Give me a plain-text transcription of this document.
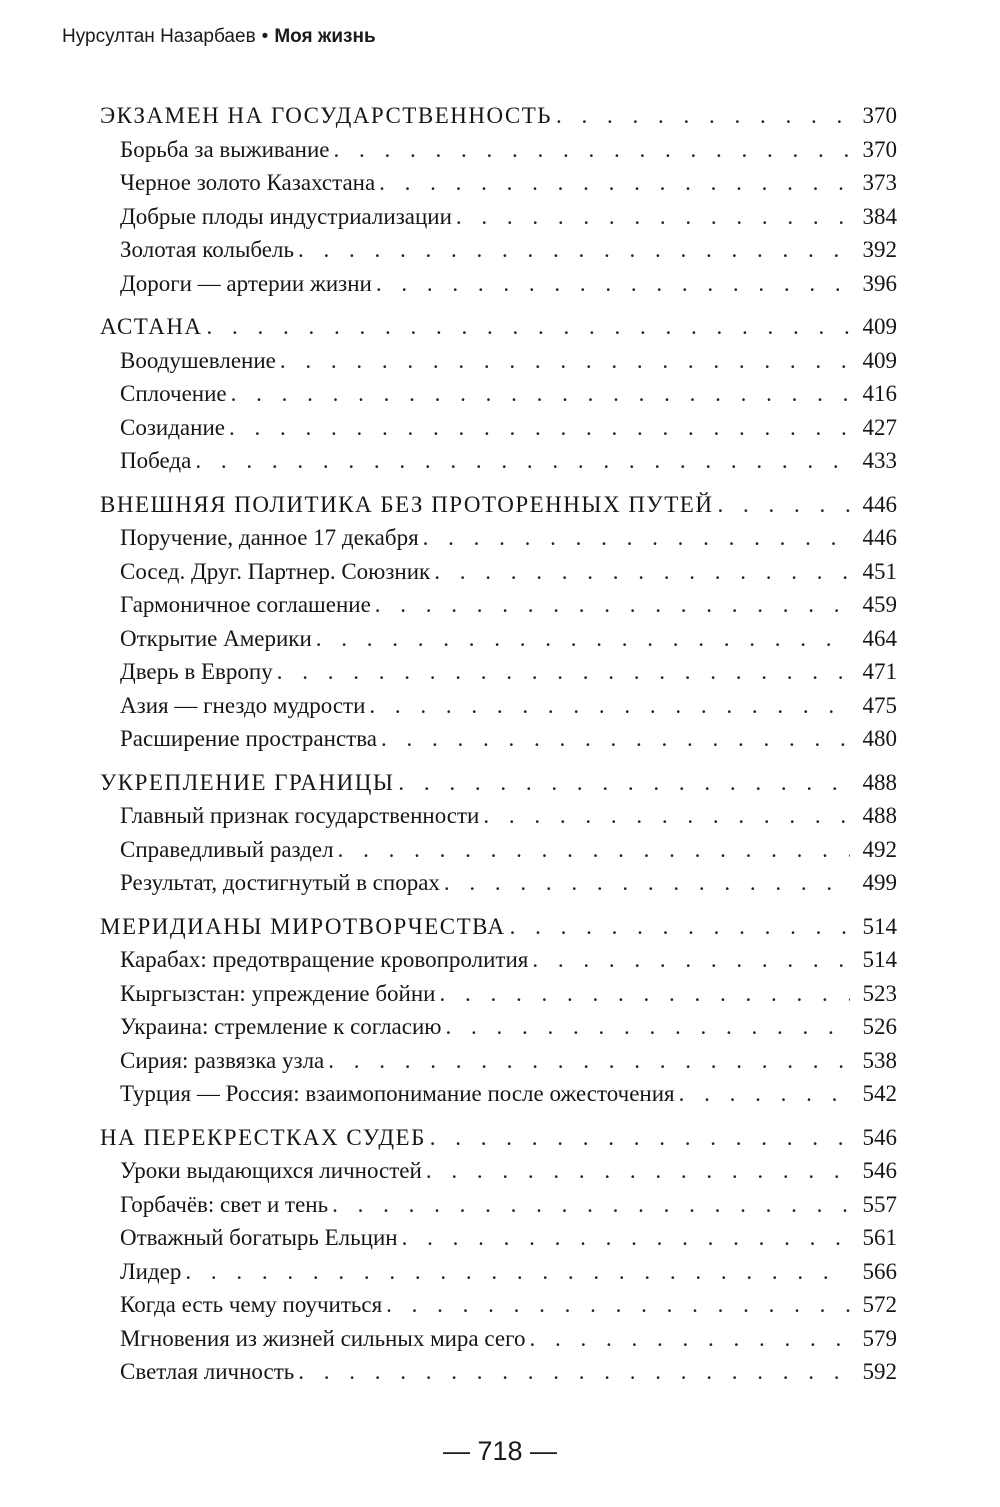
Нурсултан Назарбаев • Моя жизнь
ЭКЗАМЕН НА ГОСУДАРСТВЕННОСТЬ . . .	370
Борьба за выживание . . .	370
Черное золото Казахстана . . .	373
Добрые плоды индустриализации . . .	384
Золотая колыбель . . .	392
Дороги — артерии жизни . . .	396
АСТАНА . . .	409
Воодушевление . . .	409
Сплочение . . .	416
Созидание . . .	427
Победа . . .	433
ВНЕШНЯЯ ПОЛИТИКА БЕЗ ПРОТОРЕННЫХ ПУТЕЙ . . .	446
Поручение, данное 17 декабря . . .	446
Сосед. Друг. Партнер. Союзник . . .	451
Гармоничное соглашение . . .	459
Открытие Америки . . .	464
Дверь в Европу . . .	471
Азия — гнездо мудрости . . .	475
Расширение пространства . . .	480
УКРЕПЛЕНИЕ ГРАНИЦЫ . . .	488
Главный признак государственности . . .	488
Справедливый раздел . . .	492
Результат, достигнутый в спорах . . .	499
МЕРИДИАНЫ МИРОТВОРЧЕСТВА . . .	514
Карабах: предотвращение кровопролития . . .	514
Кыргызстан: упреждение бойни . . .	523
Украина: стремление к согласию . . .	526
Сирия: развязка узла . . .	538
Турция — Россия: взаимопонимание после ожесточения . . .	542
НА ПЕРЕКРЕСТКАХ СУДЕБ . . .	546
Уроки выдающихся личностей . . .	546
Горбачёв: свет и тень . . .	557
Отважный богатырь Ельцин . . .	561
Лидер . . .	566
Когда есть чему поучиться . . .	572
Мгновения из жизней сильных мира сего . . .	579
Светлая личность . . .	592
— 718 —
